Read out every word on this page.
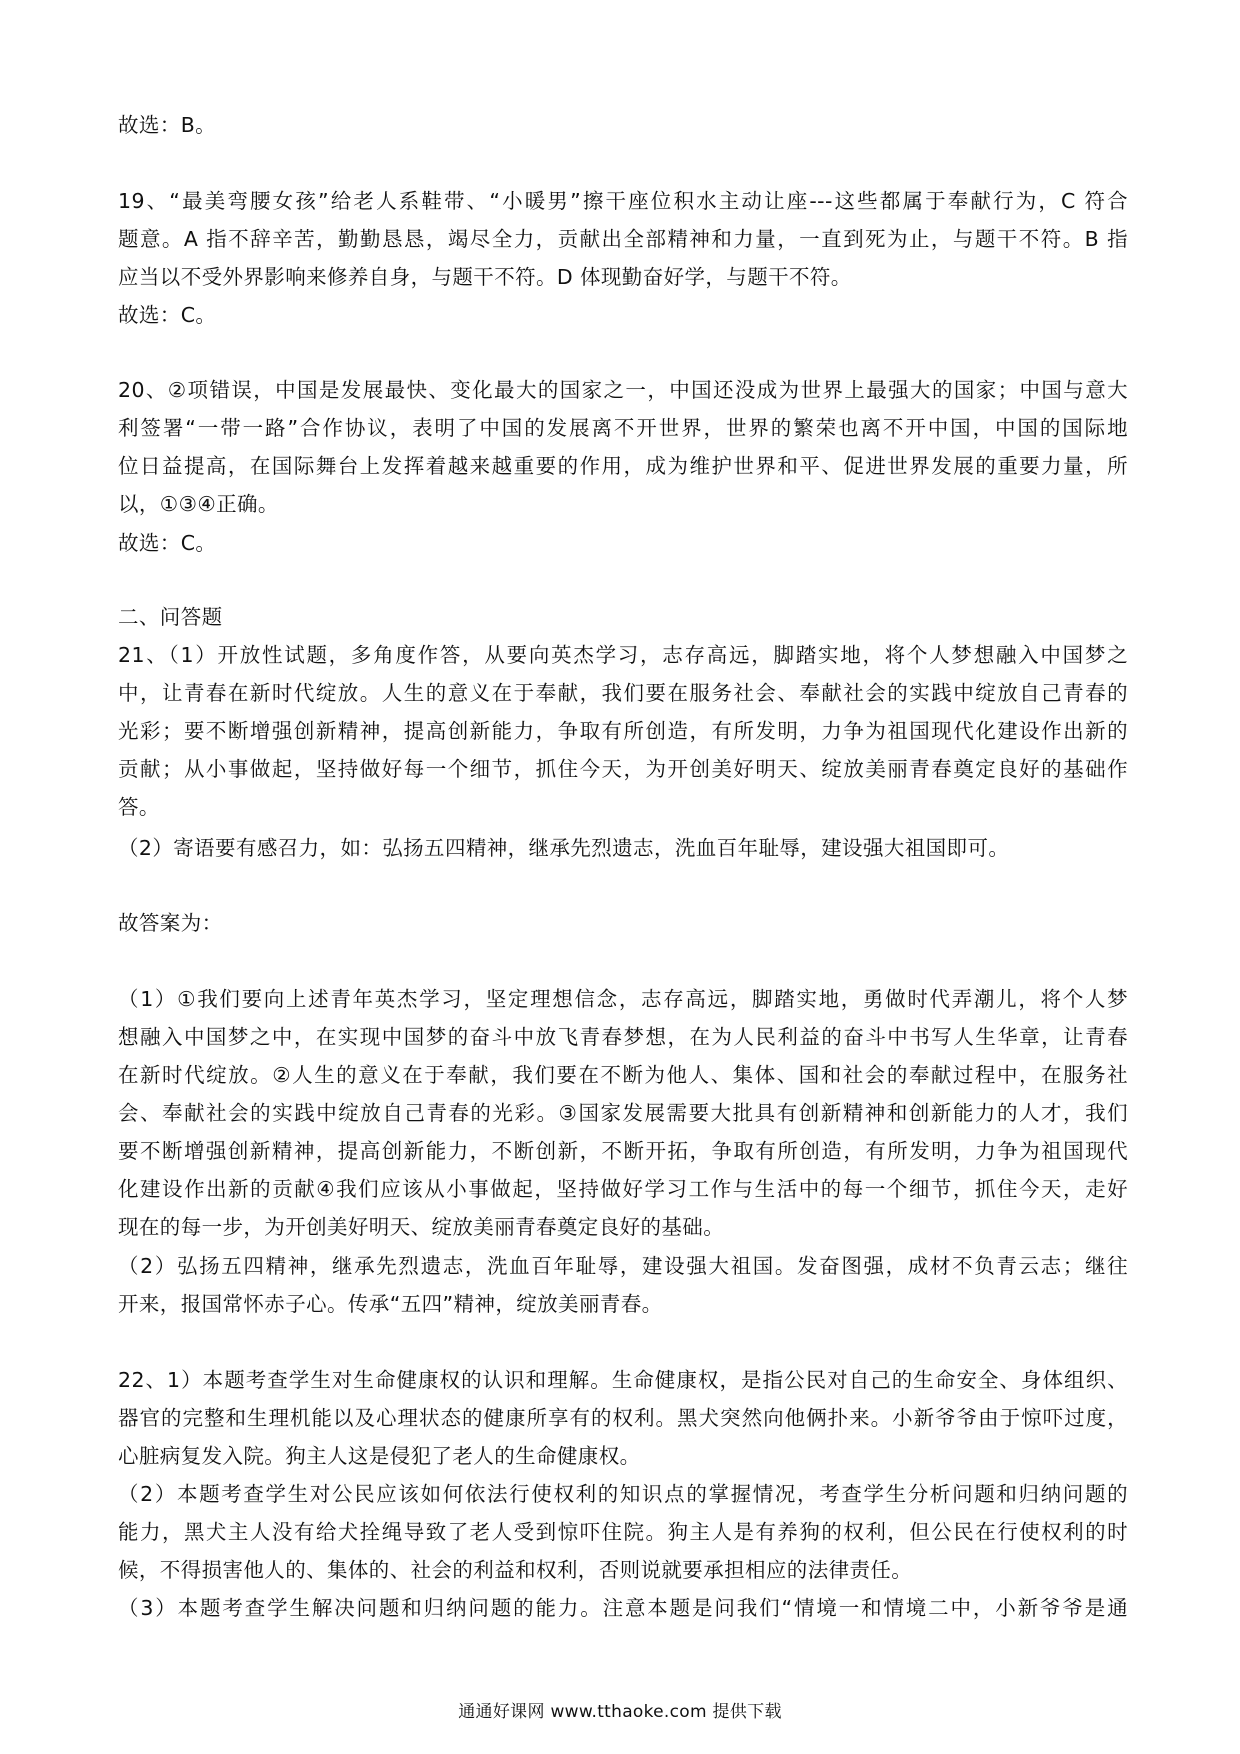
故选：B。

19、“最美弯腰女孩”给老人系鞋带、“小暖男”擦干座位积水主动让座---这些都属于奉献行为，C 符合
题意。A 指不辞辛苦，勤勤恳恳，竭尽全力，贡献出全部精神和力量，一直到死为止，与题干不符。B 指
应当以不受外界影响来修养自身，与题干不符。D 体现勤奋好学，与题干不符。

故选：C。

20、②项错误，中国是发展最快、变化最大的国家之一，中国还没成为世界上最强大的国家；中国与意大
利签署“一带一路”合作协议，表明了中国的发展离不开世界，世界的繁荣也离不开中国，中国的国际地
位日益提高，在国际舞台上发挥着越来越重要的作用，成为维护世界和平、促进世界发展的重要力量，所
以，①③④正确。

故选：C。

二、问答题

21、（1）开放性试题，多角度作答，从要向英杰学习，志存高远，脚踏实地，将个人梦想融入中国梦之
中，让青春在新时代绽放。人生的意义在于奉献，我们要在服务社会、奉献社会的实践中绽放自己青春的
光彩；要不断增强创新精神，提高创新能力，争取有所创造，有所发明，力争为祖国现代化建设作出新的
贡献；从小事做起，坚持做好每一个细节，抓住今天，为开创美好明天、绽放美丽青春奠定良好的基础作
答。

（2）寄语要有感召力，如：弘扬五四精神，继承先烈遗志，洗血百年耻辱，建设强大祖国即可。

故答案为：

（1）①我们要向上述青年英杰学习，坚定理想信念，志存高远，脚踏实地，勇做时代弄潮儿，将个人梦
想融入中国梦之中，在实现中国梦的奋斗中放飞青春梦想，在为人民利益的奋斗中书写人生华章，让青春
在新时代绽放。②人生的意义在于奉献，我们要在不断为他人、集体、国和社会的奉献过程中，在服务社
会、奉献社会的实践中绽放自己青春的光彩。③国家发展需要大批具有创新精神和创新能力的人才，我们
要不断增强创新精神，提高创新能力，不断创新，不断开拓，争取有所创造，有所发明，力争为祖国现代
化建设作出新的贡献④我们应该从小事做起，坚持做好学习工作与生活中的每一个细节，抓住今天，走好
现在的每一步，为开创美好明天、绽放美丽青春奠定良好的基础。

（2）弘扬五四精神，继承先烈遗志，洗血百年耻辱，建设强大祖国。发奋图强，成材不负青云志；继往
开来，报国常怀赤子心。传承“五四”精神，绽放美丽青春。

22、1）本题考查学生对生命健康权的认识和理解。生命健康权，是指公民对自己的生命安全、身体组织、
器官的完整和生理机能以及心理状态的健康所享有的权利。黑犬突然向他俩扑来。小新爷爷由于惊吓过度，
心脏病复发入院。狗主人这是侵犯了老人的生命健康权。

（2）本题考查学生对公民应该如何依法行使权利的知识点的掌握情况，考查学生分析问题和归纳问题的
能力，黑犬主人没有给犬拴绳导致了老人受到惊吓住院。狗主人是有养狗的权利，但公民在行使权利的时
候，不得损害他人的、集体的、社会的利益和权利，否则说就要承担相应的法律责任。

（3）本题考查学生解决问题和归纳问题的能力。注意本题是问我们“情境一和情境二中，小新爷爷是通

通通好课网 www.tthaoke.com 提供下载
